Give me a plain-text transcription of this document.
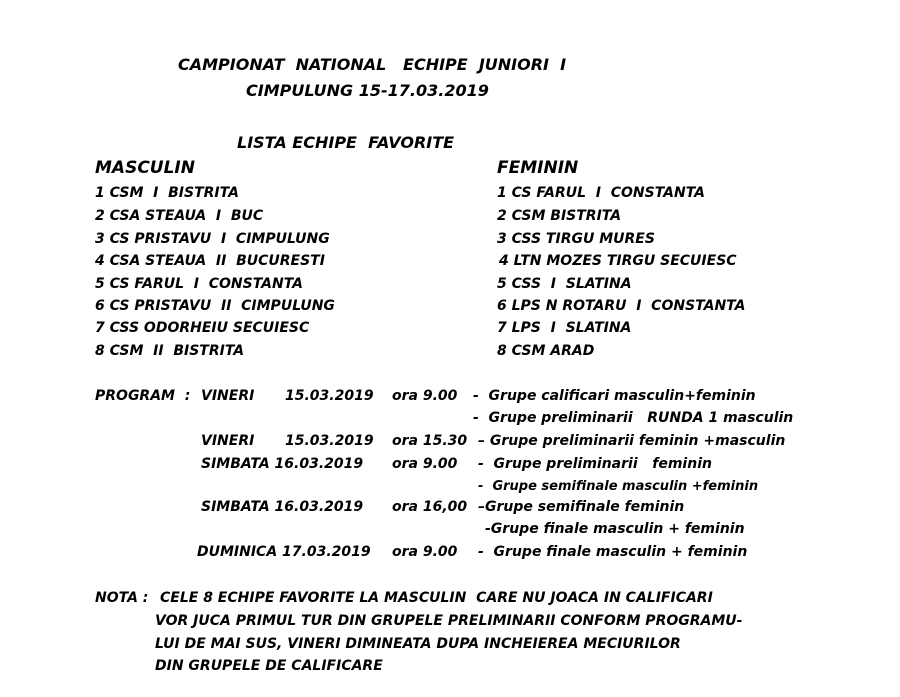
CAMPIONAT  NATIONAL   ECHIPE  JUNIORI  I
CIMPULUNG 15-17.03.2019
LISTA ECHIPE  FAVORITE
MASCULIN
1 CSM  I  BISTRITA
2 CSA STEAUA  I  BUC
3 CS PRISTAVU  I  CIMPULUNG
4 CSA STEAUA  II  BUCURESTI
5 CS FARUL  I  CONSTANTA
6 CS PRISTAVU  II  CIMPULUNG
7 CSS ODORHEIU SECUIESC
8 CSM  II  BISTRITA
FEMININ
1 CS FARUL  I  CONSTANTA
2 CSM BISTRITA
3 CSS TIRGU MURES
4 LTN MOZES TIRGU SECUIESC
5 CSS  I  SLATINA
6 LPS N ROTARU  I  CONSTANTA
7 LPS  I  SLATINA
8 CSM ARAD
PROGRAM  : VINERI 15.03.2019 ora 9.00 -  Grupe calificari masculin+feminin
-  Grupe preliminarii   RUNDA 1 masculin
VINERI 15.03.2019 ora 15.30 – Grupe preliminarii feminin +masculin
SIMBATA 16.03.2019 ora 9.00 -  Grupe preliminarii   feminin
-  Grupe semifinale masculin +feminin
SIMBATA 16.03.2019 ora 16,00 –Grupe semifinale feminin
-Grupe finale masculin + feminin
DUMINICA 17.03.2019 ora 9.00 -  Grupe finale masculin + feminin
NOTA : CELE 8 ECHIPE FAVORITE LA MASCULIN  CARE NU JOACA IN CALIFICARI
VOR JUCA PRIMUL TUR DIN GRUPELE PRELIMINARII CONFORM PROGRAMU-
LUI DE MAI SUS, VINERI DIMINEATA DUPA INCHEIEREA MECIURILOR
DIN GRUPELE DE CALIFICARE
